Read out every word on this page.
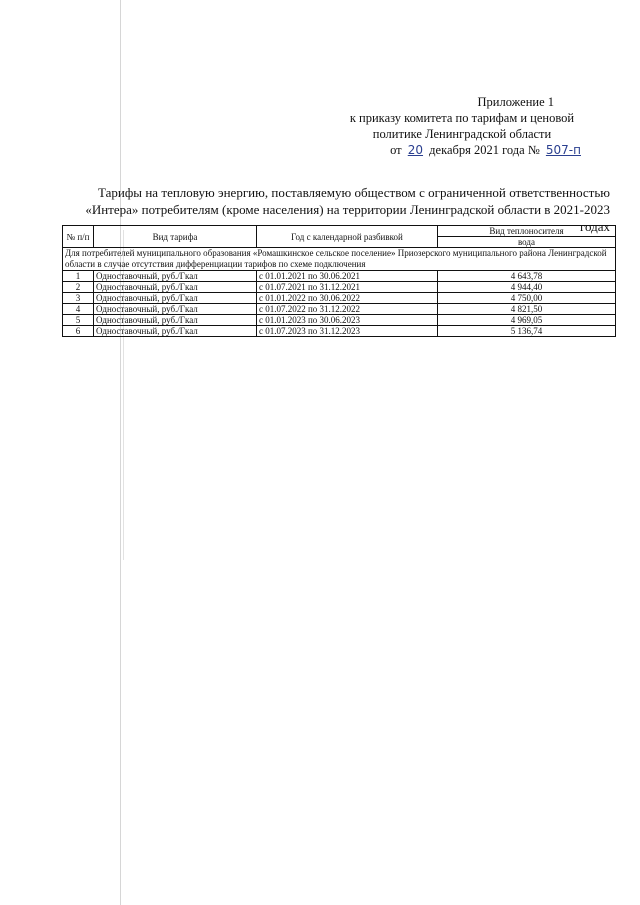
Приложение 1
к приказу комитета по тарифам и ценовой
политике Ленинградской области
от 20 декабря 2021 года № 507-п
Тарифы на тепловую энергию, поставляемую обществом с ограниченной ответственностью
«Интера» потребителям (кроме населения) на территории Ленинградской области в 2021-2023 годах
№ п/п	Вид тарифа	Год с календарной разбивкой	Вид теплоносителя
			вода
Для потребителей муниципального образования «Ромашкинское сельское поселение» Приозерского муниципального района Ленинградской области в случае отсутствия дифференциации тарифов по схеме подключения			
1	Одноставочный, руб./Гкал	с 01.01.2021 по 30.06.2021	4 643,78
2	Одноставочный, руб./Гкал	с 01.07.2021 по 31.12.2021	4 944,40
3	Одноставочный, руб./Гкал	с 01.01.2022 по 30.06.2022	4 750,00
4	Одноставочный, руб./Гкал	с 01.07.2022 по 31.12.2022	4 821,50
5	Одноставочный, руб./Гкал	с 01.01.2023 по 30.06.2023	4 969,05
6	Одноставочный, руб./Гкал	с 01.07.2023 по 31.12.2023	5 136,74
